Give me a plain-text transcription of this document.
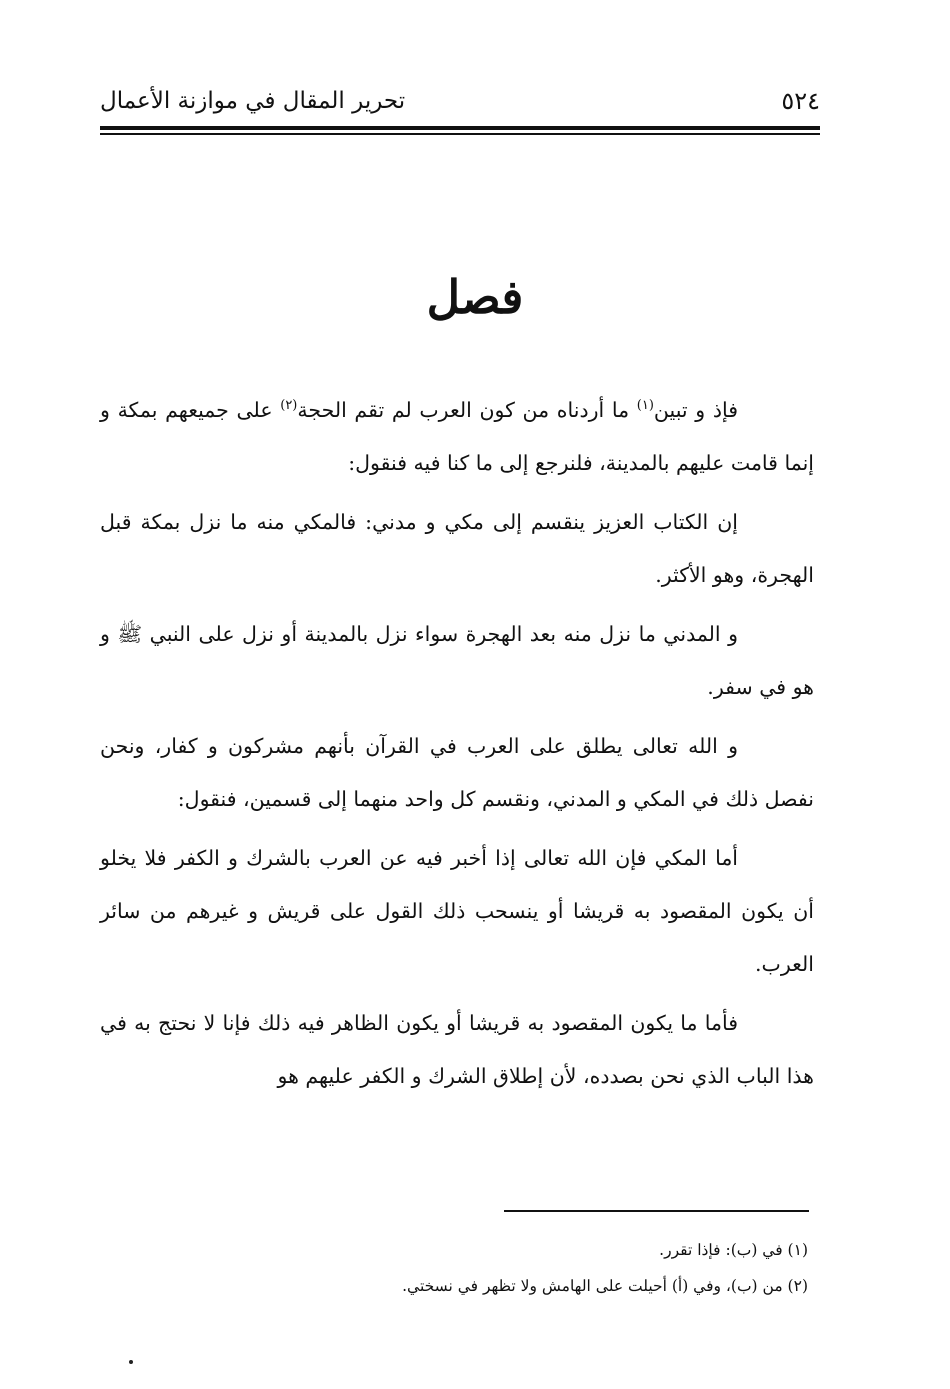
٥٢٤
تحرير المقال في موازنة الأعمال
فصل

فإذ و تبين$^{(١)}$ ما أردناه من كون العرب لم تقم الحجة$^{(٢)}$ على جميعهم بمكة و إنما قامت عليهم بالمدينة، فلنرجع إلى ما كنا فيه فنقول:

إن الكتاب العزيز ينقسم إلى مكي و مدني: فالمكي منه ما نزل بمكة قبل الهجرة، وهو الأكثر.

و المدني ما نزل منه بعد الهجرة سواء نزل بالمدينة أو نزل على النبي ﷺ و هو في سفر.

و الله تعالى يطلق على العرب في القرآن بأنهم مشركون و كفار، ونحن نفصل ذلك في المكي و المدني، ونقسم كل واحد منهما إلى قسمين، فنقول:

أما المكي فإن الله تعالى إذا أخبر فيه عن العرب بالشرك و الكفر فلا يخلو أن يكون المقصود به قريشا أو ينسحب ذلك القول على قريش و غيرهم من سائر العرب.

فأما ما يكون المقصود به قريشا أو يكون الظاهر فيه ذلك فإنا لا نحتج به في هذا الباب الذي نحن بصدده، لأن إطلاق الشرك و الكفر عليهم هو

(١) في (ب): فإذا تقرر.
(٢) من (ب)، وفي (أ) أحيلت على الهامش ولا تظهر في نسختي.
